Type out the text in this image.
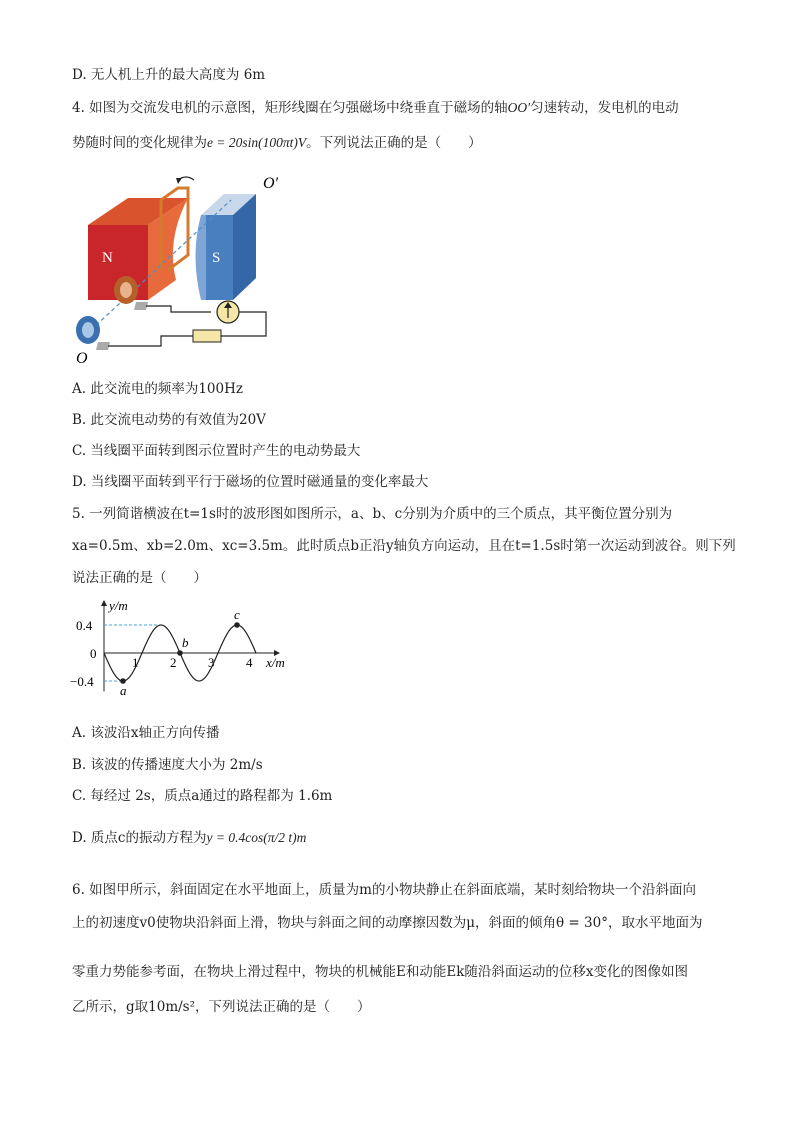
D. 无人机上升的最大高度为 6m
4. 如图为交流发电机的示意图，矩形线圈在匀强磁场中绕垂直于磁场的轴OO′匀速转动，发电机的电动
势随时间的变化规律为e = 20sin(100πt)V。下列说法正确的是（　　）
N	S
O′
O
A. 此交流电的频率为100Hz
B. 此交流电动势的有效值为20V
C. 当线圈平面转到图示位置时产生的电动势最大
D. 当线圈平面转到平行于磁场的位置时磁通量的变化率最大
5. 一列简谐横波在t=1s时的波形图如图所示，a、b、c分别为介质中的三个质点，其平衡位置分别为
xa=0.5m、xb=2.0m、xc=3.5m。此时质点b正沿y轴负方向运动，且在t=1.5s时第一次运动到波谷。则下列
说法正确的是（　　）
y/m
x/m
1 2 3 4
0.4
0
−0.4
a
b
c
A. 该波沿x轴正方向传播
B. 该波的传播速度大小为 2m/s
C. 每经过 2s，质点a通过的路程都为 1.6m
D. 质点c的振动方程为y = 0.4cos(π/2 t)m
6. 如图甲所示，斜面固定在水平地面上，质量为m的小物块静止在斜面底端，某时刻给物块一个沿斜面向
上的初速度v0使物块沿斜面上滑，物块与斜面之间的动摩擦因数为μ，斜面的倾角θ = 30°，取水平地面为
零重力势能参考面，在物块上滑过程中，物块的机械能E和动能Ek随沿斜面运动的位移x变化的图像如图
乙所示，g取10m/s²，下列说法正确的是（　　）
